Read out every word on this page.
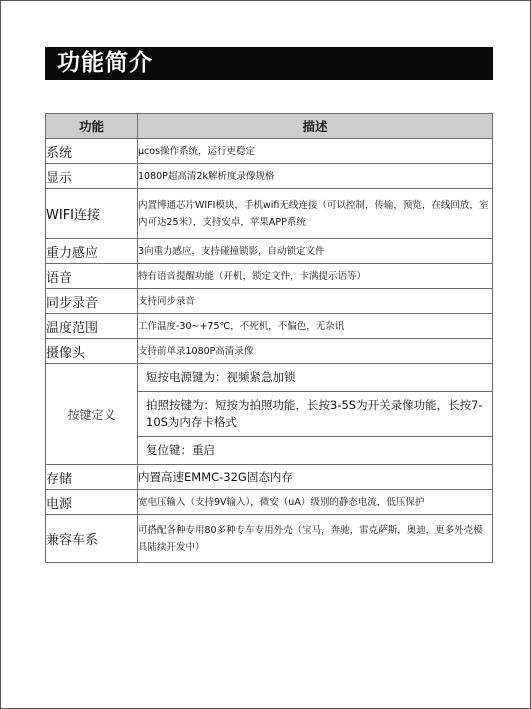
功能简介
功能	描述
系统	μcos操作系统，运行更稳定
显示	1080P超高清2k解析度录像规格
WIFI连接	内置博通芯片WIFI模块，手机wifi无线连接（可以控制，传输，预览，在线回放，室内可达25米），支持安卓，苹果APP系统
重力感应	3向重力感应，支持碰撞锁影，自动锁定文件
语音	特有语音提醒功能（开机，锁定文件，卡满提示语等）
同步录音	支持同步录音
温度范围	工作温度-30~+75℃，不死机，不偏色，无杂讯
摄像头	支持前单录1080P高清录像
按键定义	短按电源键为：视频紧急加锁
拍照按键为：短按为拍照功能，长按3-5S为开关录像功能，长按7-10S为内存卡格式
复位键：重启

存储	内置高速EMMC-32G固态内存
电源	宽电压输入（支持9V输入），微安（uA）级别的静态电流，低压保护
兼容车系	可搭配各种专用80多种专车专用外壳（宝马，奔驰，雷克萨斯，奥迪，更多外壳模具陆续开发中）
